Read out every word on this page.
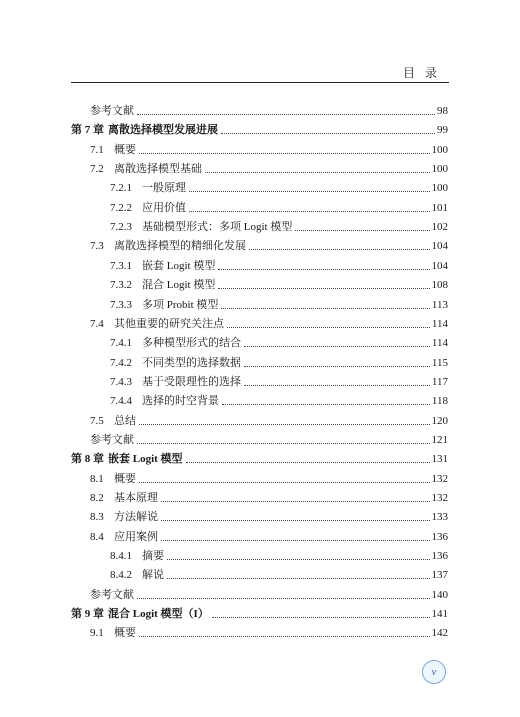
目录
参考文献	98
第 7 章 离散选择模型发展进展	99
7.1 概要	100
7.2 离散选择模型基础	100
7.2.1 一般原理	100
7.2.2 应用价值	101
7.2.3 基础模型形式：多项 Logit 模型	102
7.3 离散选择模型的精细化发展	104
7.3.1 嵌套 Logit 模型	104
7.3.2 混合 Logit 模型	108
7.3.3 多项 Probit 模型	113
7.4 其他重要的研究关注点	114
7.4.1 多种模型形式的结合	114
7.4.2 不同类型的选择数据	115
7.4.3 基于受限理性的选择	117
7.4.4 选择的时空背景	118
7.5 总结	120
参考文献	121
第 8 章 嵌套 Logit 模型	131
8.1 概要	132
8.2 基本原理	132
8.3 方法解说	133
8.4 应用案例	136
8.4.1 摘要	136
8.4.2 解说	137
参考文献	140
第 9 章 混合 Logit 模型（I）	141
9.1 概要	142
v
